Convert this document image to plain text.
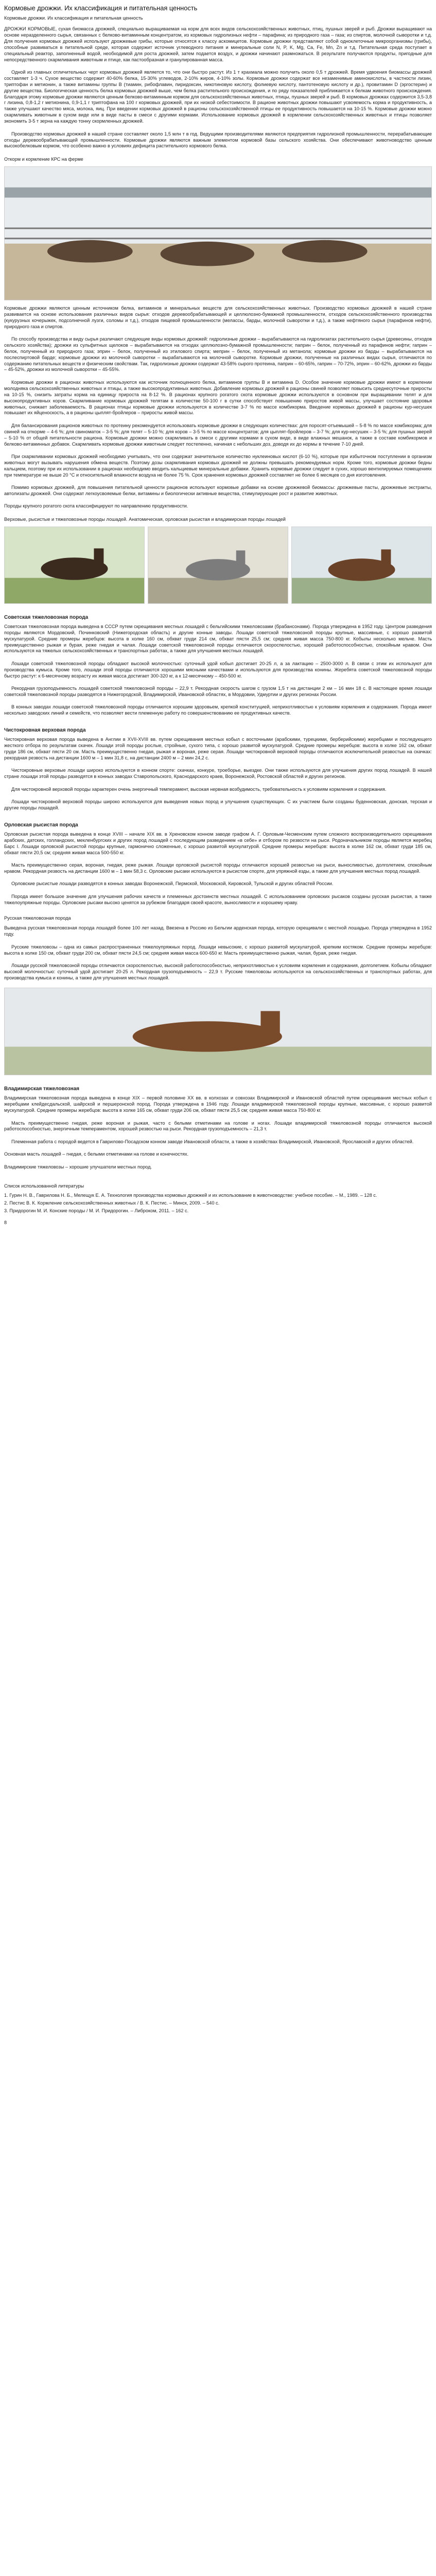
Кормовые дрожжи. Их классификация и питательная ценность
Кормовые дрожжи. Их классификация и питательная ценность

ДРОЖЖИ КОРМОВЫЕ, сухая биомасса дрожжей, специально выращиваемая на корм для всех видов сельскохозяйственных животных, птиц, пушных зверей и рыб. Дрожжи выращивают на основе неразделенного сырья, связанных с белково-витаминным концентратом, из кормовых гидролизных нефти – парафина; из природного газа – газа; из спиртов, молочной сыворотки и т.д. Для получения кормовых дрожжей используют дрожжевые грибы, которые относятся к классу аскомицетов. Кормовые дрожжи представляют собой одноклеточные микроорганизмы (грибы), способные развиваться в питательной среде, которая содержит источник углеводного питания и минеральные соли N, P, K, Mg, Ca, Fe, Mn, Zn и т.д. Питательная среда поступает в специальный реактор, заполненный водой, необходимой для роста дрожжей, затем подается воздух, и дрожжи начинают размножаться. В результате получаются продукты, пригодные для непосредственного скармливания животным и птице, как пастообразная и гранулированная масса.

Одной из главных отличительных черт кормовых дрожжей является то, что они быстро растут. Из 1 т крахмала можно получить около 0,5 т дрожжей. Время удвоения биомассы дрожжей составляет 1-3 ч. Сухое вещество содержит 40-60% белка, 15-30% углеводов, 2-10% жиров, 4-10% золы. Кормовые дрожжи содержат все незаменимые аминокислоты, в частности лизин, триптофан и метионин, а также витамины группы B (тиамин, рибофлавин, пиридоксин, никотиновую кислоту, фолиевую кислоту, пантотеновую кислоту и др.), провитамин D (эргостерин) и другие вещества. Биологическая ценность белка кормовых дрожжей выше, чем белка растительного происхождения, и по ряду показателей приближается к белкам животного происхождения. Благодаря этому кормовые дрожжи являются ценным белково-витаминным кормом для сельскохозяйственных животных, птицы, пушных зверей и рыб. В кормовых дрожжах содержится 3,5-3,8 г лизина, 0,8-1,2 г метионина, 0,9-1,1 г триптофана на 100 г кормовых дрожжей, при их низкой себестоимости. В рационе животных дрожжи повышают усвояемость корма и продуктивность, а также улучшают качество мяса, молока, яиц. При введении кормовых дрожжей в рационы сельскохозяйственной птицы ее продуктивность повышается на 10-15 %. Кормовые дрожжи можно скармливать животным в сухом виде или в виде пасты в смеси с другими кормами. Использование кормовых дрожжей в кормлении сельскохозяйственных животных и птицы позволяет экономить 3-5 т зерна на каждую тонну скормленных дрожжей.

Производство кормовых дрожжей в нашей стране составляет около 1,5 млн т в год. Ведущими производителями являются предприятия гидролизной промышленности, перерабатывающие отходы деревообрабатывающей промышленности. Кормовые дрожжи являются важным элементом кормовой базы сельского хозяйства. Они обеспечивают животноводство ценным высокобелковым кормом, что особенно важно в условиях дефицита растительного кормового белка.

Откорм и кормление КРС на ферме

Кормовые дрожжи являются ценным источником белка, витаминов и минеральных веществ для сельскохозяйственных животных. Производство кормовых дрожжей в нашей стране развивается на основе использования различных видов сырья: отходов деревообрабатывающей и целлюлозно-бумажной промышленности, отходов сельскохозяйственного производства (кукурузных кочерыжек, подсолнечной лузги, соломы и т.д.), отходов пищевой промышленности (мелассы, барды, молочной сыворотки и т.д.), а также нефтяного сырья (парафинов нефти), природного газа и спиртов.

По способу производства и виду сырья различают следующие виды кормовых дрожжей: гидролизные дрожжи – вырабатываются на гидролизатах растительного сырья (древесины, отходов сельского хозяйства); дрожжи из сульфитных щелоков – вырабатываются на отходах целлюлозно-бумажной промышленности; паприн – белок, полученный из парафинов нефти; гаприн – белок, полученный из природного газа; эприн – белок, полученный из этилового спирта; меприн – белок, полученный из метанола; кормовые дрожжи из барды – вырабатываются на послеспиртовой барде; кормовые дрожжи из молочной сыворотки – вырабатываются на молочной сыворотке. Кормовые дрожжи, полученные на различных видах сырья, отличаются по содержанию питательных веществ и физическим свойствам. Так, гидролизные дрожжи содержат 43-58% сырого протеина, паприн – 60-65%, гаприн – 70-72%, эприн – 60-62%, дрожжи из барды – 45-52%, дрожжи из молочной сыворотки – 45-55%.

Кормовые дрожжи в рационах животных используются как источник полноценного белка, витаминов группы B и витамина D. Особое значение кормовые дрожжи имеют в кормлении молодняка сельскохозяйственных животных и птицы, а также высокопродуктивных животных. Добавление кормовых дрожжей в рационы свиней позволяет повысить среднесуточные приросты на 10-15 %, снизить затраты корма на единицу прироста на 8-12 %. В рационах крупного рогатого скота кормовые дрожжи используются в основном при выращивании телят и для высокопродуктивных коров. Скармливание кормовых дрожжей телятам в количестве 50-100 г в сутки способствует повышению приростов живой массы, улучшает состояние здоровья животных, снижает заболеваемость. В рационах птицы кормовые дрожжи используются в количестве 3-7 % по массе комбикорма. Введение кормовых дрожжей в рационы кур-несушек повышает их яйценоскость, а в рационы цыплят-бройлеров – приросты живой массы.

Для балансирования рационов животных по протеину рекомендуется использовать кормовые дрожжи в следующих количествах: для поросят-отъемышей – 5-8 % по массе комбикорма; для свиней на откорме – 4-6 %; для свиноматок – 3-5 %; для телят – 5-10 %; для коров – 3-5 % по массе концентратов; для цыплят-бройлеров – 3-7 %; для кур-несушек – 3-5 %; для пушных зверей – 5-10 % от общей питательности рациона. Кормовые дрожжи можно скармливать в смеси с другими кормами в сухом виде, в виде влажных мешанок, а также в составе комбикормов и белково-витаминных добавок. Скармливать кормовые дрожжи животным следует постепенно, начиная с небольших доз, доводя их до нормы в течение 7-10 дней.

При скармливании кормовых дрожжей необходимо учитывать, что они содержат значительное количество нуклеиновых кислот (6-10 %), которые при избыточном поступлении в организм животных могут вызывать нарушения обмена веществ. Поэтому дозы скармливания кормовых дрожжей не должны превышать рекомендуемых норм. Кроме того, кормовые дрожжи бедны кальцием, поэтому при их использовании в рационах необходимо вводить кальциевые минеральные добавки. Хранить кормовые дрожжи следует в сухих, хорошо вентилируемых помещениях при температуре не выше 20 °С и относительной влажности воздуха не более 75 %. Срок хранения кормовых дрожжей составляет не более 6 месяцев со дня изготовления.

Помимо кормовых дрожжей, для повышения питательной ценности рационов используют кормовые добавки на основе дрожжевой биомассы: дрожжевые пасты, дрожжевые экстракты, автолизаты дрожжей. Они содержат легкоусвояемые белки, витамины и биологически активные вещества, стимулирующие рост и развитие животных.

Породы крупного рогатого скота классифицируют по направлению продуктивности.

Верховые, рысистые и тяжеловозные породы лошадей. Анатомическая, орловская рысистая и владимирская породы лошадей
Советская тяжеловозная порода

Советская тяжеловозная порода выведена в СССР путем скрещивания местных лошадей с бельгийскими тяжеловозами (брабансонами). Порода утверждена в 1952 году. Центром разведения породы являются Мордовский, Починковский (Нижегородская область) и другие конные заводы. Лошади советской тяжеловозной породы крупные, массивные, с хорошо развитой мускулатурой. Средние промеры жеребцов: высота в холке 160 см, обхват груди 214 см, обхват пясти 25,5 см; средняя живая масса 750-800 кг. Кобылы несколько мельче. Масть преимущественно рыжая и бурая, реже гнедая и чалая. Лошади советской тяжеловозной породы отличаются скороспелостью, хорошей работоспособностью, спокойным нравом. Они используются на тяжелых сельскохозяйственных и транспортных работах, а также для улучшения местных лошадей.

Лошади советской тяжеловозной породы обладают высокой молочностью: суточный удой кобыл достигает 20-25 л, а за лактацию – 2500-3000 л. В связи с этим их используют для производства кумыса. Кроме того, лошади этой породы отличаются хорошими мясными качествами и используются для производства конины. Жеребята советской тяжеловозной породы быстро растут: к 6-месячному возрасту их живая масса достигает 300-320 кг, а к 12-месячному – 450-500 кг.

Рекордная грузоподъемность лошадей советской тяжеловозной породы – 22,9 т. Рекордная скорость шагом с грузом 1,5 т на дистанции 2 км – 16 мин 18 с. В настоящее время лошади советской тяжеловозной породы разводятся в Нижегородской, Владимирской, Ивановской областях, в Мордовии, Удмуртии и других регионах России.

В конных заводах лошади советской тяжеловозной породы отличаются хорошим здоровьем, крепкой конституцией, неприхотливостью к условиям кормления и содержания. Порода имеет несколько заводских линий и семейств, что позволяет вести племенную работу по совершенствованию ее продуктивных качеств.

Чистокровная верховая порода

Чистокровная верховая порода выведена в Англии в XVII-XVIII вв. путем скрещивания местных кобыл с восточными (арабскими, турецкими, берберийскими) жеребцами и последующего жесткого отбора по результатам скачек. Лошади этой породы рослые, стройные, сухого типа, с хорошо развитой мускулатурой. Средние промеры жеребцов: высота в холке 162 см, обхват груди 186 см, обхват пясти 20 см. Масть преимущественно гнедая, рыжая и вороная, реже серая. Лошади чистокровной верховой породы отличаются исключительной резвостью на скачках: рекордная резвость на дистанции 1600 м – 1 мин 31,8 с, на дистанции 2400 м – 2 мин 24,2 с.

Чистокровные верховые лошади широко используются в конном спорте: скачках, конкуре, троеборье, выездке. Они также используются для улучшения других пород лошадей. В нашей стране лошади этой породы разводятся в конных заводах Ставропольского, Краснодарского краев, Воронежской, Ростовской областей и других регионов.

Для чистокровной верховой породы характерен очень энергичный темперамент, высокая нервная возбудимость, требовательность к условиям кормления и содержания.

Лошади чистокровной верховой породы широко используются для выведения новых пород и улучшения существующих. С их участием были созданы буденновская, донская, терская и другие породы лошадей.

Орловская рысистая порода

Орловская рысистая порода выведена в конце XVIII – начале XIX вв. в Хреновском конном заводе графом А. Г. Орловым-Чесменским путем сложного воспроизводительного скрещивания арабских, датских, голландских, мекленбургских и других пород лошадей с последующим разведением «в себе» и отбором по резвости на рыси. Родоначальником породы является жеребец Барс I. Лошади орловской рысистой породы крупные, гармонично сложенные, с хорошо развитой мускулатурой. Средние промеры жеребцов: высота в холке 162 см, обхват груди 185 см, обхват пясти 20,5 см; средняя живая масса 500-550 кг.

Масть преимущественно серая, вороная, гнедая, реже рыжая. Лошади орловской рысистой породы отличаются хорошей резвостью на рыси, выносливостью, долголетием, спокойным нравом. Рекордная резвость на дистанции 1600 м – 1 мин 58,3 с. Орловские рысаки используются в рысистом спорте, для упряжной езды, а также для улучшения местных пород лошадей.

Орловские рысистые лошади разводятся в конных заводах Воронежской, Пермской, Московской, Кировской, Тульской и других областей России.

Порода имеет большое значение для улучшения рабочих качеств и племенных достоинств местных лошадей. С использованием орловских рысаков созданы русская рысистая, а также тяжелоупряжные породы. Орловские рысаки высоко ценятся за рубежом благодаря своей красоте, выносливости и хорошему нраву.

Русская тяжеловозная порода

Выведена русская тяжеловозная порода лошадей более 100 лет назад. Ввезена в Россию из Бельгии арденская порода, которую скрещивали с местной лошадью. Порода утверждена в 1952 году.

Русские тяжеловозы – одна из самых распространенных тяжелоупряжных пород. Лошади невысокие, с хорошо развитой мускулатурой, крепким костяком. Средние промеры жеребцов: высота в холке 150 см, обхват груди 200 см, обхват пясти 24,5 см; средняя живая масса 600-650 кг. Масть преимущественно рыжая, чалая, бурая, реже гнедая.

Лошади русской тяжеловозной породы отличаются скороспелостью, высокой работоспособностью, неприхотливостью к условиям кормления и содержания, долголетием. Кобылы обладают высокой молочностью: суточный удой достигает 20-25 л. Рекордная грузоподъемность – 22,9 т. Русские тяжеловозы используются на сельскохозяйственных и транспортных работах, для производства кумыса и конины, а также для улучшения местных лошадей.

Владимирская тяжеловозная

Владимирская тяжеловозная порода выведена в конце XIX – первой половине XX вв. в колхозах и совхозах Владимирской и Ивановской областей путем скрещивания местных кобыл с жеребцами клейдесдальской, шайрской и першеронской пород. Порода утверждена в 1946 году. Лошади владимирской тяжеловозной породы крупные, массивные, с хорошо развитой мускулатурой. Средние промеры жеребцов: высота в холке 165 см, обхват груди 206 см, обхват пясти 25,5 см; средняя живая масса 750-800 кг.

Масть преимущественно гнедая, реже вороная и рыжая, часто с белыми отметинами на голове и ногах. Лошади владимирской тяжеловозной породы отличаются высокой работоспособностью, энергичным темпераментом, хорошей резвостью на рыси. Рекордная грузоподъемность – 21,3 т.

Племенная работа с породой ведется в Гаврилово-Посадском конном заводе Ивановской области, а также в хозяйствах Владимирской, Ивановской, Ярославской и других областей.

Основная масть лошадей – гнедая, с белыми отметинами на голове и конечностях.

Владимирские тяжеловозы – хорошие улучшатели местных пород.

Список использованной литературы
1. Гурин Н. В., Гаврилова Н. Б., Мелещук Е. А. Технология производства кормовых дрожжей и их использование в животноводстве: учебное пособие. – М., 1989. – 128 с.
2. Пестис В. К. Кормление сельскохозяйственных животных / В. К. Пестис. – Минск, 2009. – 540 с.
3. Придорогин М. И. Конские породы / М. И. Придорогин. – Либроком, 2011. – 162 с.
8
